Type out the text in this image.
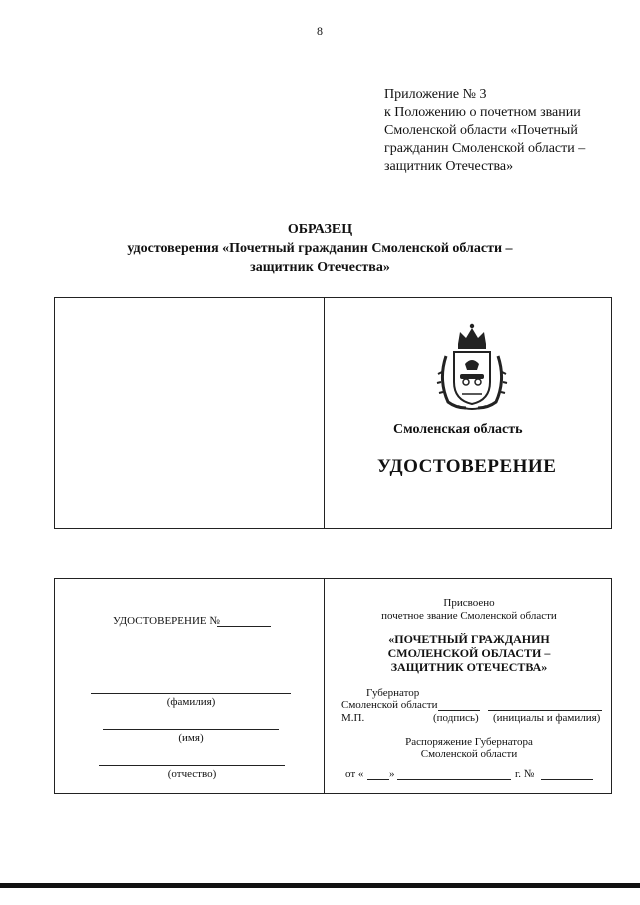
8
Приложение № 3
к Положению о почетном звании
Смоленской области «Почетный
гражданин Смоленской области –
защитник Отечества»
ОБРАЗЕЦ
удостоверения «Почетный гражданин Смоленской области –
защитник Отечества»
Смоленская область
УДОСТОВЕРЕНИЕ
УДОСТОВЕРЕНИЕ №
(фамилия)
(имя)
(отчество)
Присвоено
почетное звание Смоленской области
«ПОЧЕТНЫЙ ГРАЖДАНИН
СМОЛЕНСКОЙ ОБЛАСТИ –
ЗАЩИТНИК ОТЕЧЕСТВА»
Губернатор
Смоленской области
М.П.	(подпись) (инициалы и фамилия)
Распоряжение Губернатора
Смоленской области
от « »	г. №
